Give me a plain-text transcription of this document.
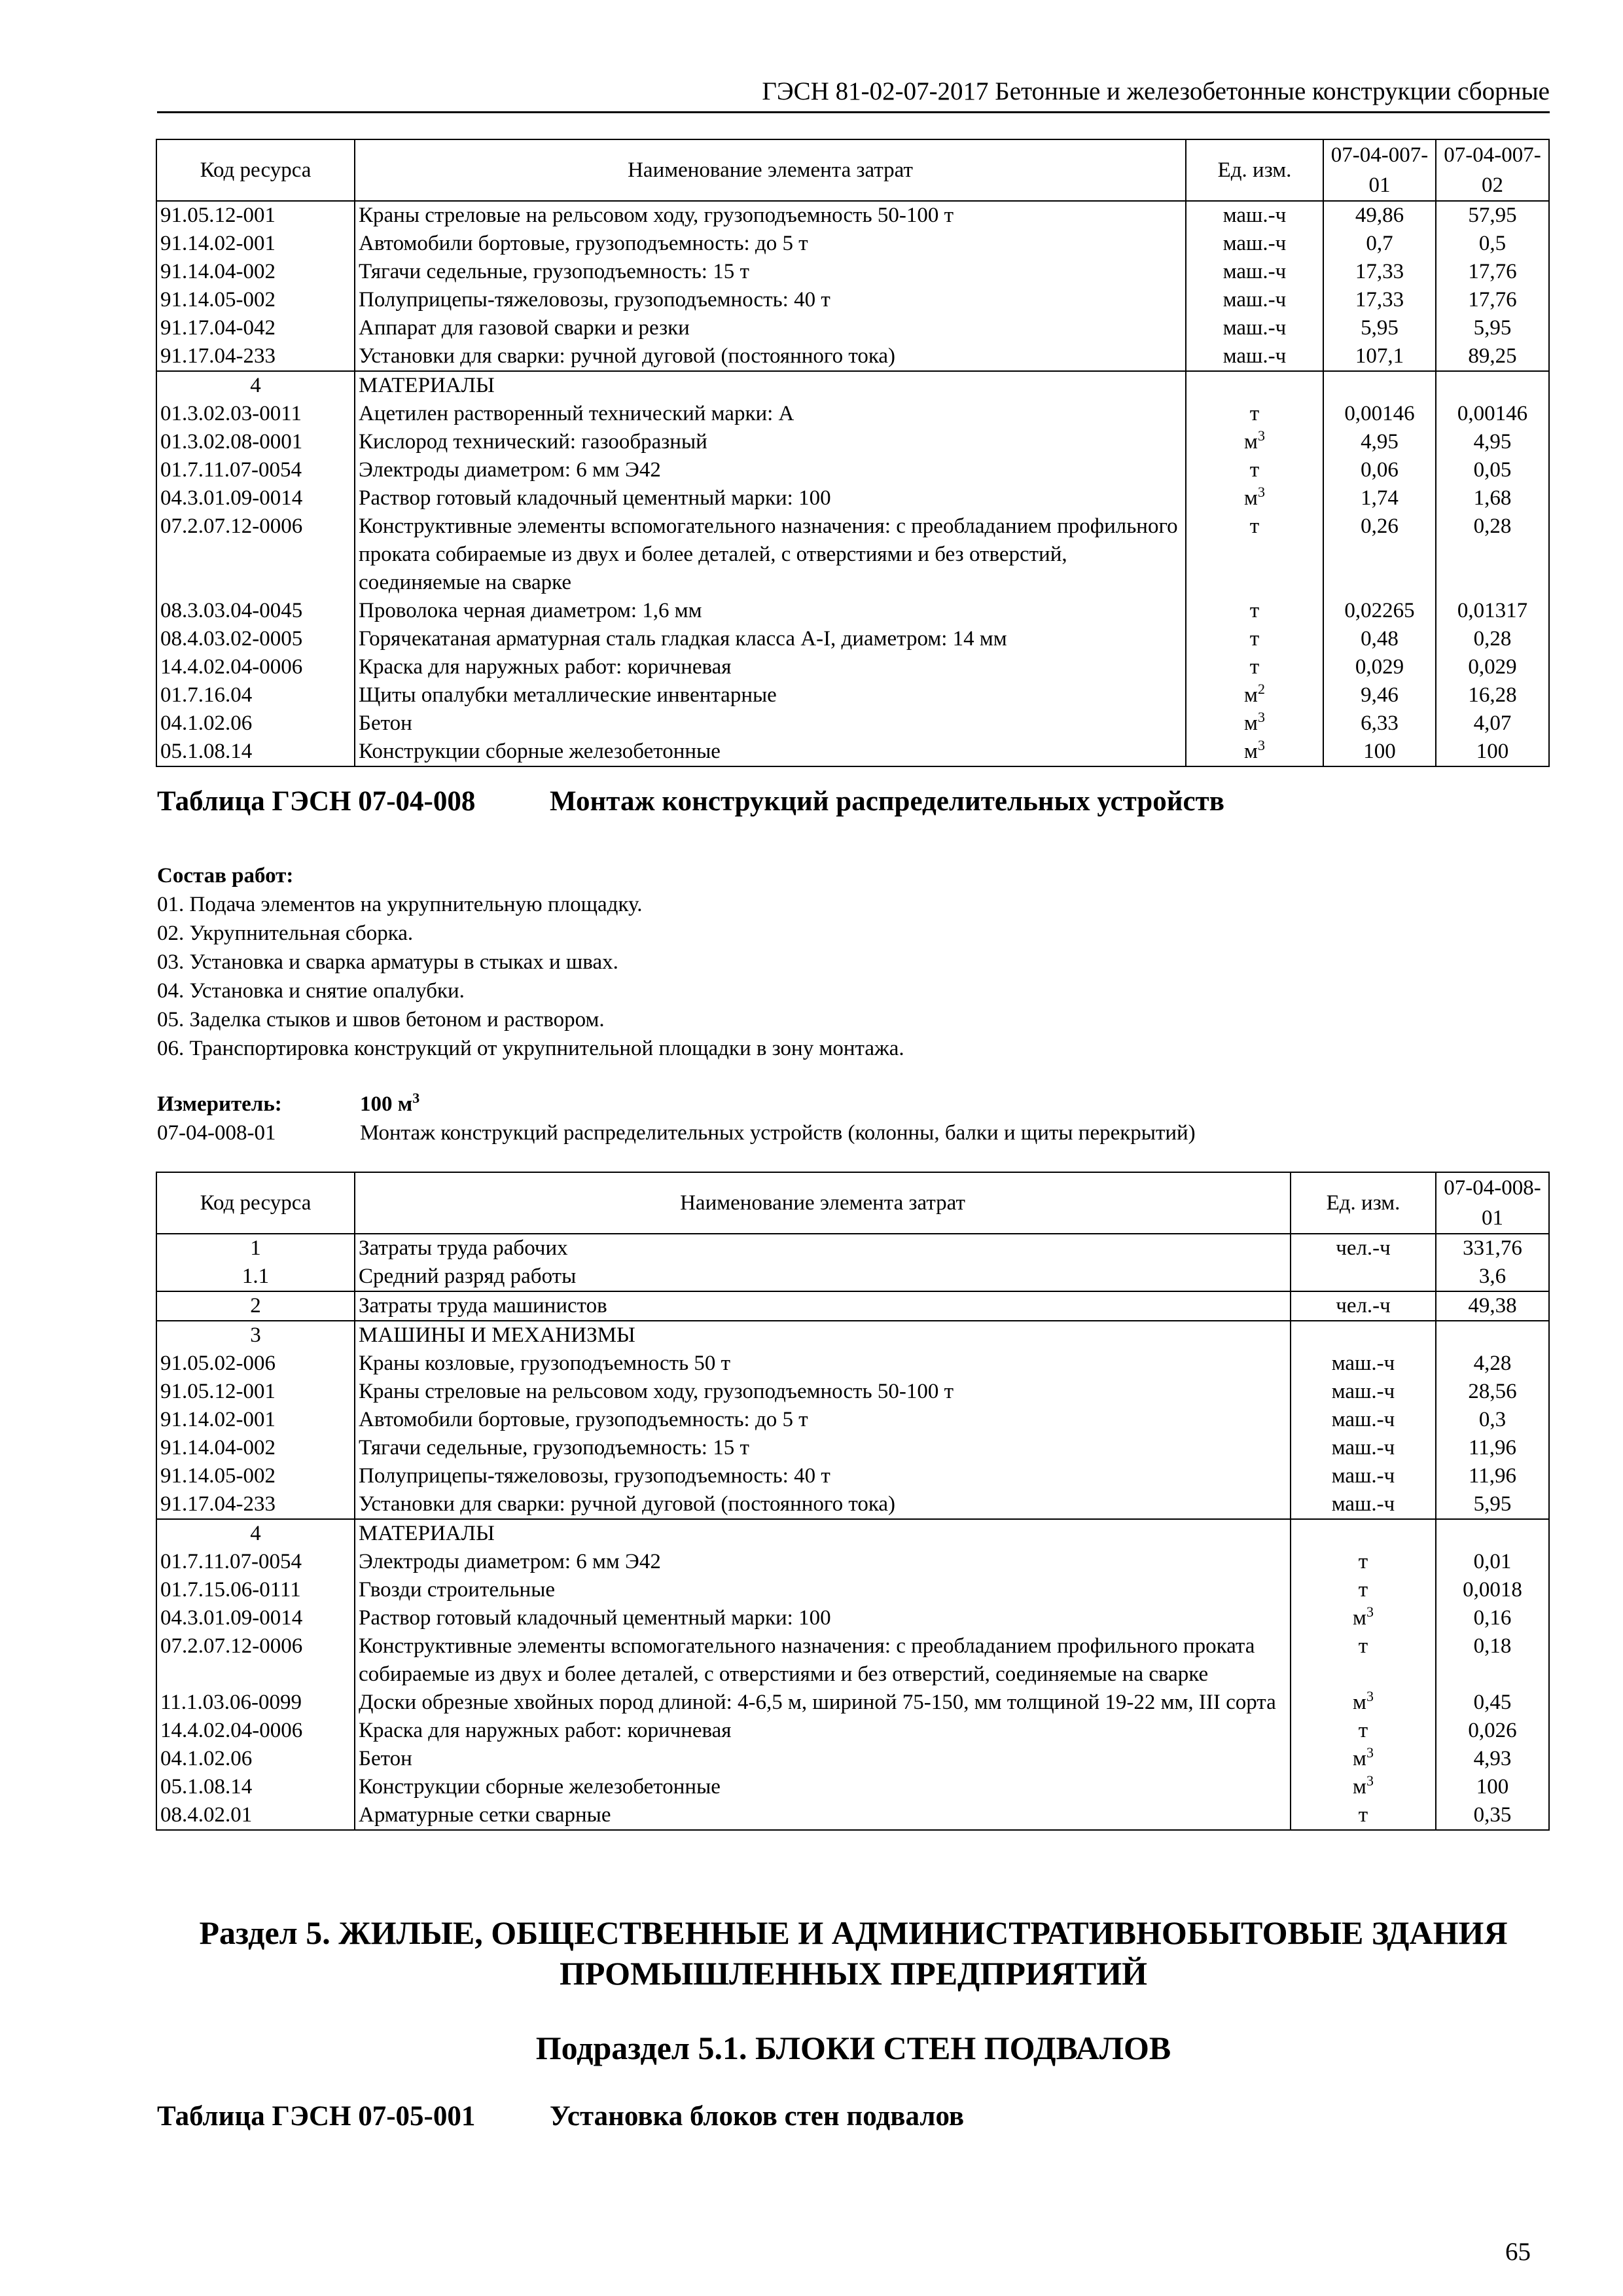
ГЭСН 81-02-07-2017 Бетонные и железобетонные конструкции сборные
Код ресурса	Наименование элемента затрат	Ед. изм.	07-04-007-01	07-04-007-02
91.05.12-001	Краны стреловые на рельсовом ходу, грузоподъемность 50-100 т	маш.-ч	49,86	57,95
91.14.02-001	Автомобили бортовые, грузоподъемность: до 5 т	маш.-ч	0,7	0,5
91.14.04-002	Тягачи седельные, грузоподъемность: 15 т	маш.-ч	17,33	17,76
91.14.05-002	Полуприцепы-тяжеловозы, грузоподъемность: 40 т	маш.-ч	17,33	17,76
91.17.04-042	Аппарат для газовой сварки и резки	маш.-ч	5,95	5,95
91.17.04-233	Установки для сварки: ручной дуговой (постоянного тока)	маш.-ч	107,1	89,25
4	МАТЕРИАЛЫ			
01.3.02.03-0011	Ацетилен растворенный технический марки: А	т	0,00146	0,00146
01.3.02.08-0001	Кислород технический: газообразный	$м^3$	4,95	4,95
01.7.11.07-0054	Электроды диаметром: 6 мм Э42	т	0,06	0,05
04.3.01.09-0014	Раствор готовый кладочный цементный марки: 100	$м^3$	1,74	1,68
07.2.07.12-0006	Конструктивные элементы вспомогательного назначения: с преобладанием профильного проката собираемые из двух и более деталей, с отверстиями и без отверстий, соединяемые на сварке	т	0,26	0,28
08.3.03.04-0045	Проволока черная диаметром: 1,6 мм	т	0,02265	0,01317
08.4.03.02-0005	Горячекатаная арматурная сталь гладкая класса А-I, диаметром: 14 мм	т	0,48	0,28
14.4.02.04-0006	Краска для наружных работ: коричневая	т	0,029	0,029
01.7.16.04	Щиты опалубки металлические инвентарные	$м^2$	9,46	16,28
04.1.02.06	Бетон	$м^3$	6,33	4,07
05.1.08.14	Конструкции сборные железобетонные	$м^3$	100	100
Таблица ГЭСН 07-04-008	Монтаж конструкций распределительных устройств
Состав работ:
01. Подача элементов на укрупнительную площадку.
02. Укрупнительная сборка.
03. Установка и сварка арматуры в стыках и швах.
04. Установка и снятие опалубки.
05. Заделка стыков и швов бетоном и раствором.
06. Транспортировка конструкций от укрупнительной площадки в зону монтажа.
Измеритель:	100 $м^3$
07-04-008-01	Монтаж конструкций распределительных устройств (колонны, балки и щиты перекрытий)
Код ресурса	Наименование элемента затрат	Ед. изм.	07-04-008-01
1	Затраты труда рабочих	чел.-ч	331,76
1.1	Средний разряд работы		3,6
2	Затраты труда машинистов	чел.-ч	49,38
3	МАШИНЫ И МЕХАНИЗМЫ		
91.05.02-006	Краны козловые, грузоподъемность 50 т	маш.-ч	4,28
91.05.12-001	Краны стреловые на рельсовом ходу, грузоподъемность 50-100 т	маш.-ч	28,56
91.14.02-001	Автомобили бортовые, грузоподъемность: до 5 т	маш.-ч	0,3
91.14.04-002	Тягачи седельные, грузоподъемность: 15 т	маш.-ч	11,96
91.14.05-002	Полуприцепы-тяжеловозы, грузоподъемность: 40 т	маш.-ч	11,96
91.17.04-233	Установки для сварки: ручной дуговой (постоянного тока)	маш.-ч	5,95
4	МАТЕРИАЛЫ		
01.7.11.07-0054	Электроды диаметром: 6 мм Э42	т	0,01
01.7.15.06-0111	Гвозди строительные	т	0,0018
04.3.01.09-0014	Раствор готовый кладочный цементный марки: 100	$м^3$	0,16
07.2.07.12-0006	Конструктивные элементы вспомогательного назначения: с преобладанием профильного проката собираемые из двух и более деталей, с отверстиями и без отверстий, соединяемые на сварке	т	0,18
11.1.03.06-0099	Доски обрезные хвойных пород длиной: 4-6,5 м, шириной 75-150, мм толщиной 19-22 мм, III сорта	$м^3$	0,45
14.4.02.04-0006	Краска для наружных работ: коричневая	т	0,026
04.1.02.06	Бетон	$м^3$	4,93
05.1.08.14	Конструкции сборные железобетонные	$м^3$	100
08.4.02.01	Арматурные сетки сварные	т	0,35
Раздел 5. ЖИЛЫЕ, ОБЩЕСТВЕННЫЕ И АДМИНИСТРАТИВНОБЫТОВЫЕ ЗДАНИЯ
ПРОМЫШЛЕННЫХ ПРЕДПРИЯТИЙ
Подраздел 5.1. БЛОКИ СТЕН ПОДВАЛОВ
Таблица ГЭСН 07-05-001	Установка блоков стен подвалов
65
